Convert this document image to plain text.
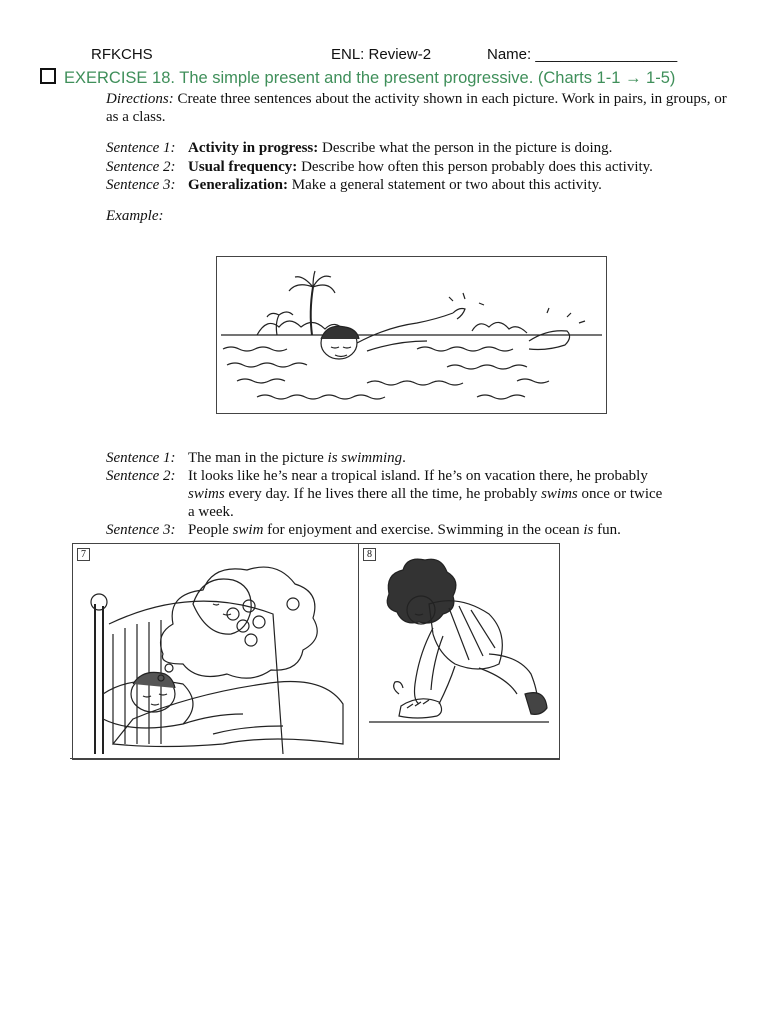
RFKCHS	ENL: Review-2	Name: _________________
EXERCISE 18. The simple present and the present progressive. (Charts 1-1 → 1-5)
Directions: Create three sentences about the activity shown in each picture. Work in pairs, in groups, or as a class.
Sentence 1: Activity in progress: Describe what the person in the picture is doing.
Sentence 2: Usual frequency: Describe how often this person probably does this activity.
Sentence 3: Generalization: Make a general statement or two about this activity.
Example:
Sentence 1: The man in the picture is swimming.
Sentence 2: It looks like he’s near a tropical island. If he’s on vacation there, he probably
swims every day. If he lives there all the time, he probably swims once or twice
a week.
Sentence 3: People swim for enjoyment and exercise. Swimming in the ocean is fun.
7	8
